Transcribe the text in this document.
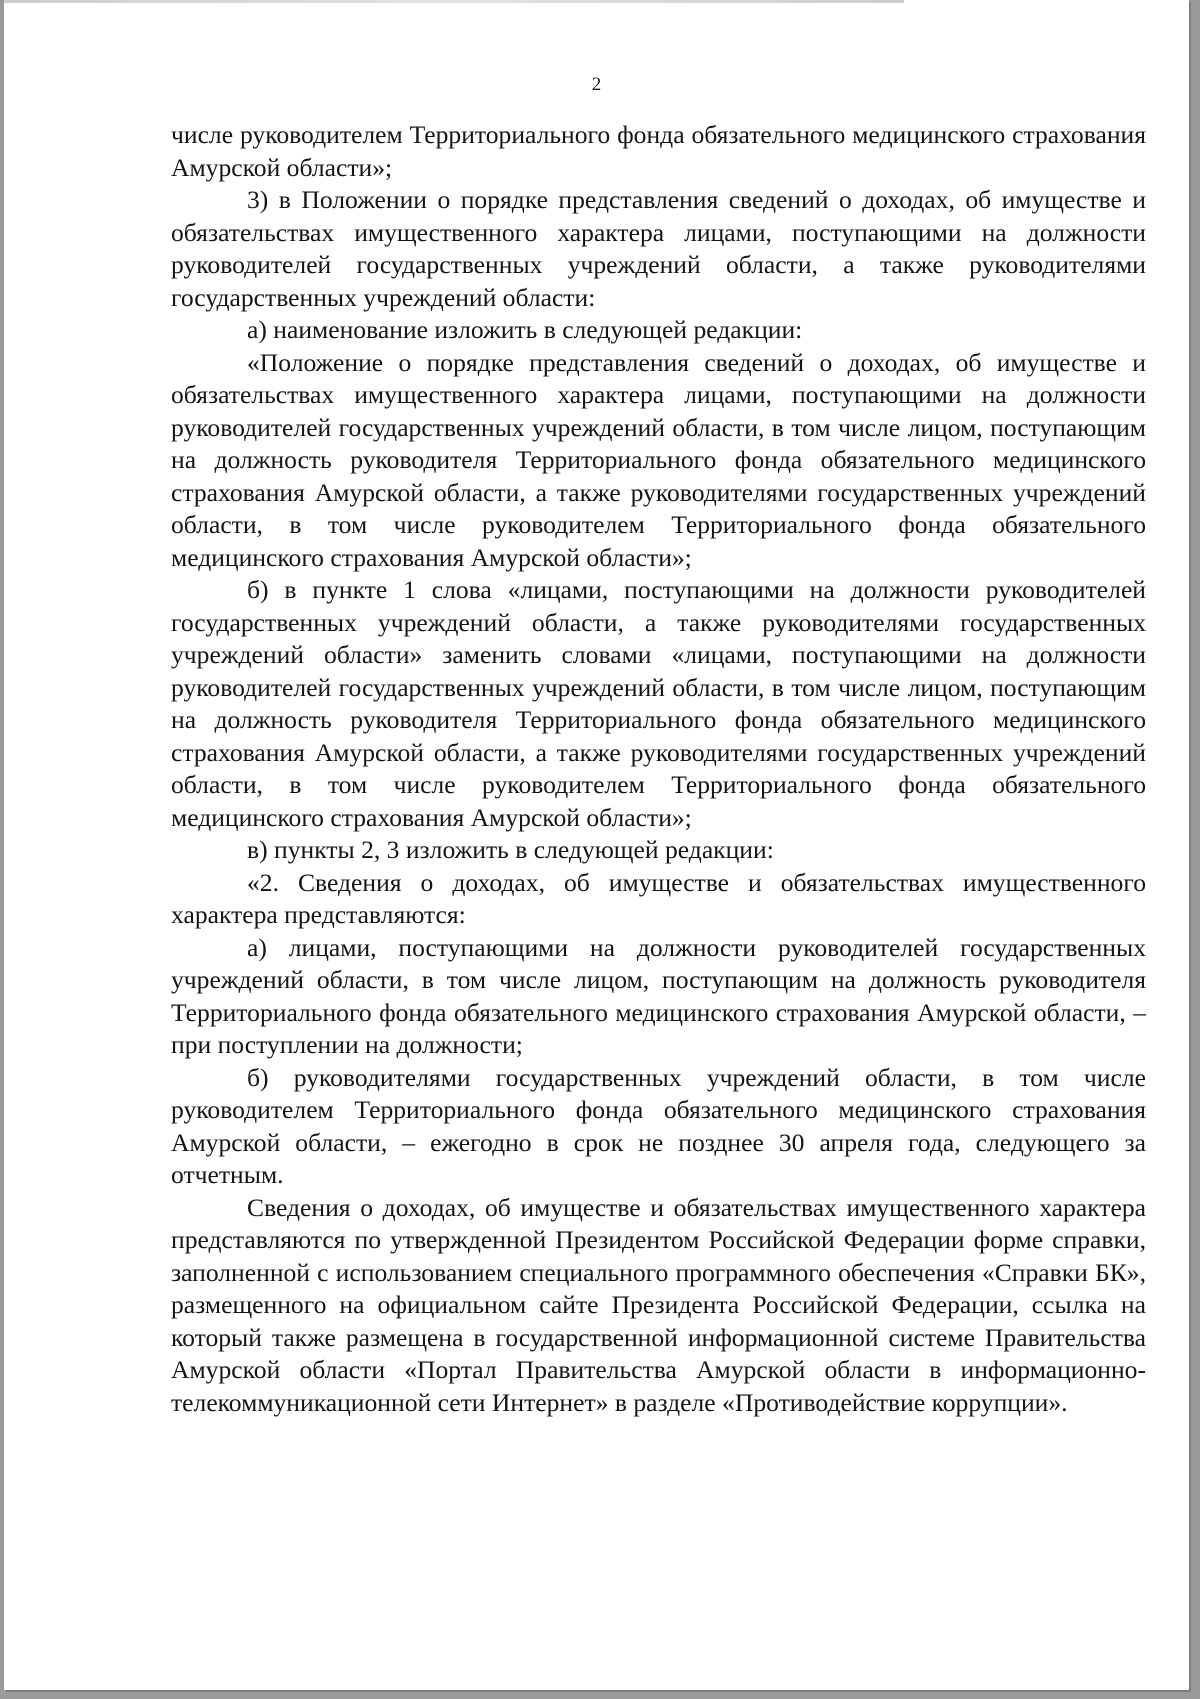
2

числе руководителем Территориального фонда обязательного медицинского страхования Амурской области»;

3) в Положении о порядке представления сведений о доходах, об имуществе и обязательствах имущественного характера лицами, поступающими на должности руководителей государственных учреждений области, а также руководителями государственных учреждений области:

а) наименование изложить в следующей редакции:

«Положение о порядке представления сведений о доходах, об имуществе и обязательствах имущественного характера лицами, поступающими на должности руководителей государственных учреждений области, в том числе лицом, поступающим на должность руководителя Территориального фонда обязательного медицинского страхования Амурской области, а также руководителями государственных учреждений области, в том числе руководителем Территориального фонда обязательного медицинского страхования Амурской области»;

б) в пункте 1 слова «лицами, поступающими на должности руководителей государственных учреждений области, а также руководителями государственных учреждений области» заменить словами «лицами, поступающими на должности руководителей государственных учреждений области, в том числе лицом, поступающим на должность руководителя Территориального фонда обязательного медицинского страхования Амурской области, а также руководителями государственных учреждений области, в том числе руководителем Территориального фонда обязательного медицинского страхования Амурской области»;

в) пункты 2, 3 изложить в следующей редакции:

«2. Сведения о доходах, об имуществе и обязательствах имущественного характера представляются:

а) лицами, поступающими на должности руководителей государственных учреждений области, в том числе лицом, поступающим на должность руководителя Территориального фонда обязательного медицинского страхования Амурской области, – при поступлении на должности;

б) руководителями государственных учреждений области, в том числе руководителем Территориального фонда обязательного медицинского страхования Амурской области, – ежегодно в срок не позднее 30 апреля года, следующего за отчетным.

Сведения о доходах, об имуществе и обязательствах имущественного характера представляются по утвержденной Президентом Российской Федерации форме справки, заполненной с использованием специального программного обеспечения «Справки БК», размещенного на официальном сайте Президента Российской Федерации, ссылка на который также размещена в государственной информационной системе Правительства Амурской области «Портал Правительства Амурской области в информационно-телекоммуникационной сети Интернет» в разделе «Противодействие коррупции».
